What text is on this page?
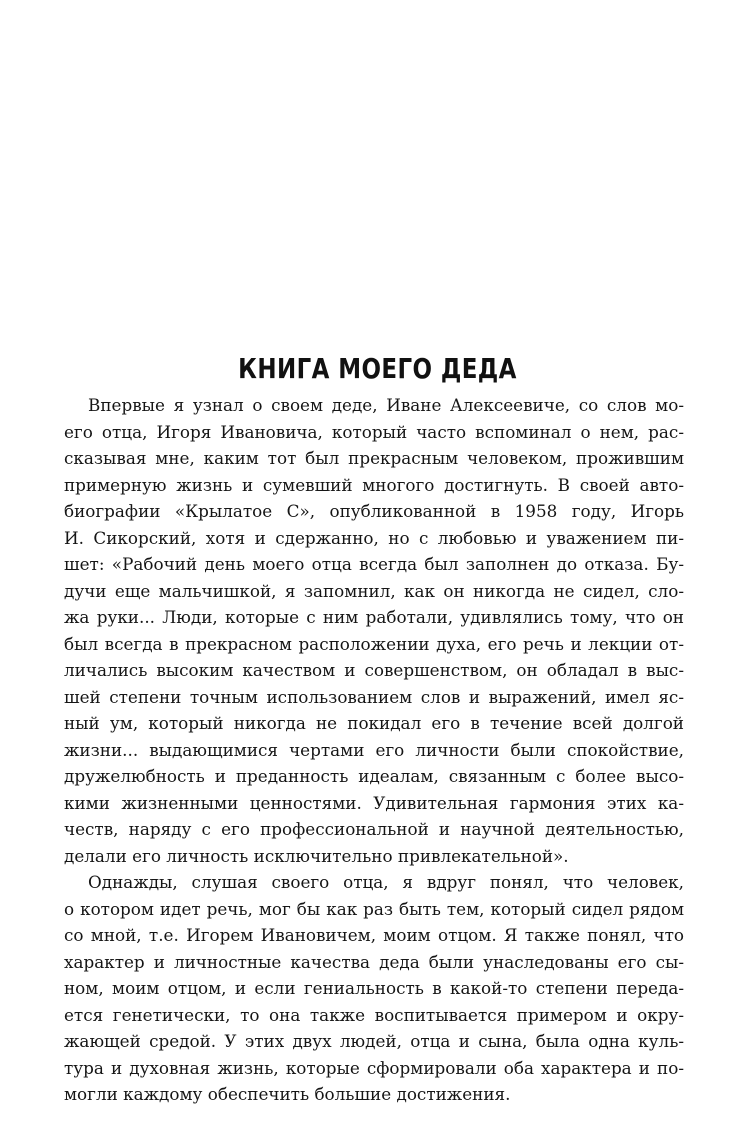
КНИГА МОЕГО ДЕДА
Впервые я узнал о своем деде, Иване Алексеевиче, со слов мо-
его отца, Игоря Ивановича, который часто вспоминал о нем, рас-
сказывая мне, каким тот был прекрасным человеком, прожившим
примерную жизнь и сумевший многого достигнуть. В своей авто-
биографии «Крылатое С», опубликованной в 1958 году, Игорь
И. Сикорский, хотя и сдержанно, но с любовью и уважением пи-
шет: «Рабочий день моего отца всегда был заполнен до отказа. Бу-
дучи еще мальчишкой, я запомнил, как он никогда не сидел, сло-
жа руки... Люди, которые с ним работали, удивлялись тому, что он
был всегда в прекрасном расположении духа, его речь и лекции от-
личались высоким качеством и совершенством, он обладал в выс-
шей степени точным использованием слов и выражений, имел яс-
ный ум, который никогда не покидал его в течение всей долгой
жизни... выдающимися чертами его личности были спокойствие,
дружелюбность и преданность идеалам, связанным с более высо-
кими жизненными ценностями. Удивительная гармония этих ка-
честв, наряду с его профессиональной и научной деятельностью,
делали его личность исключительно привлекательной».
Однажды, слушая своего отца, я вдруг понял, что человек,
о котором идет речь, мог бы как раз быть тем, который сидел рядом
со мной, т.е. Игорем Ивановичем, моим отцом. Я также понял, что
характер и личностные качества деда были унаследованы его сы-
ном, моим отцом, и если гениальность в какой-то степени переда-
ется генетически, то она также воспитывается примером и окру-
жающей средой. У этих двух людей, отца и сына, была одна куль-
тура и духовная жизнь, которые сформировали оба характера и по-
могли каждому обеспечить большие достижения.
